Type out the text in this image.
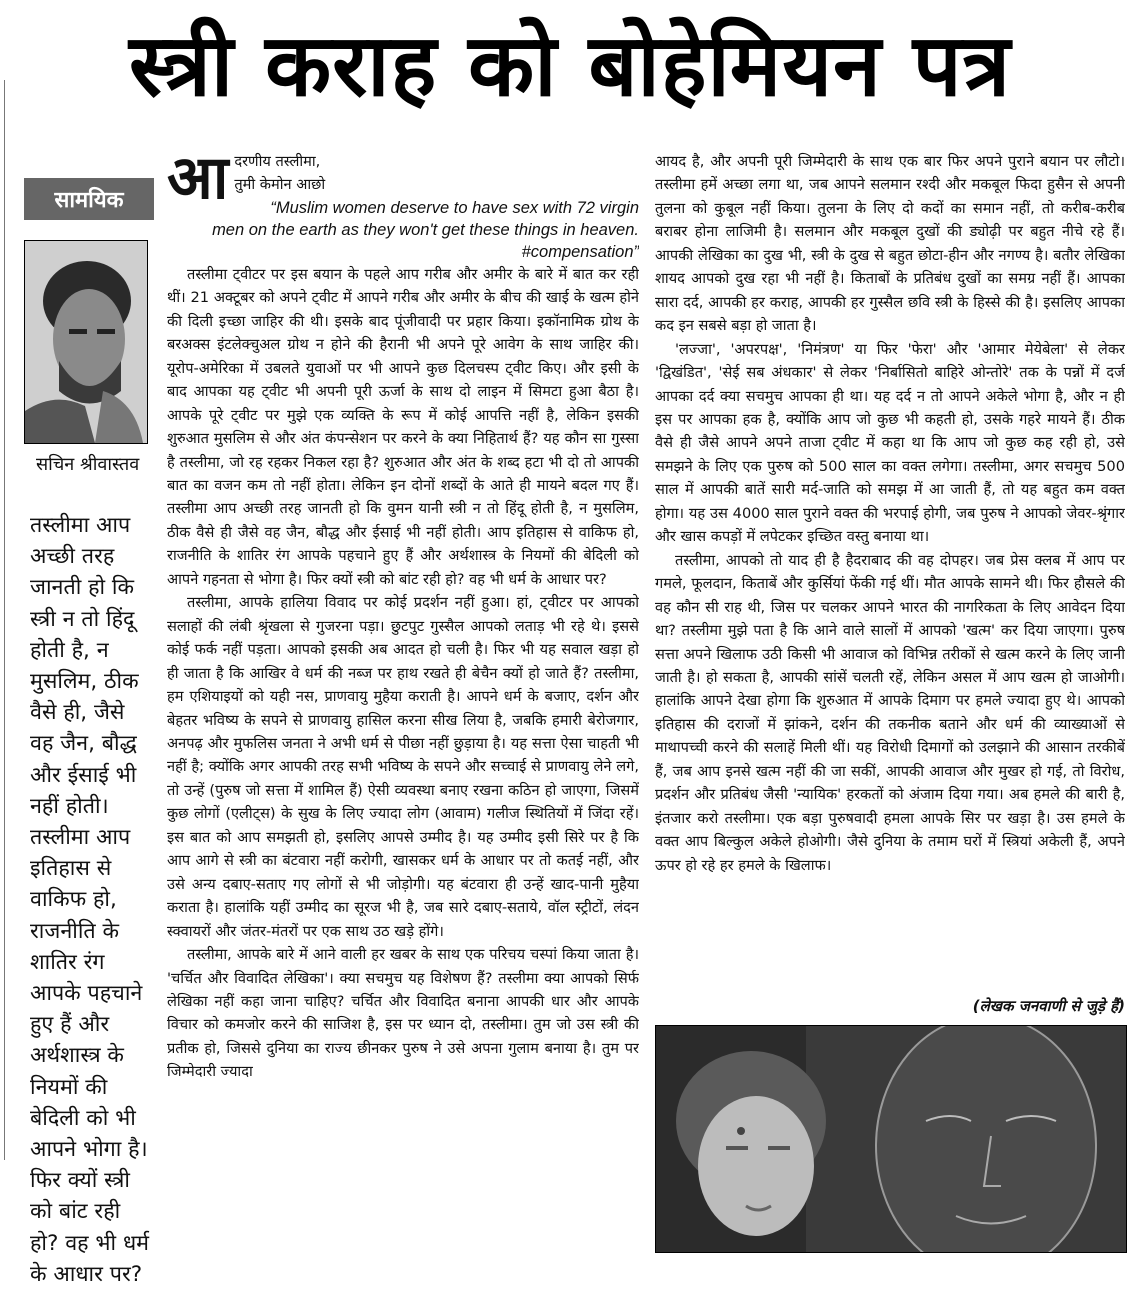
स्त्री कराह को बोहेमियन पत्र
सामयिक
सचिन श्रीवास्तव
तस्लीमा आप अच्छी तरह जानती हो कि स्त्री न तो हिंदू होती है, न मुसलिम, ठीक वैसे ही, जैसे वह जैन, बौद्ध और ईसाई भी नहीं होती। तस्लीमा आप इतिहास से वाकिफ हो, राजनीति के शातिर रंग आपके पहचाने हुए हैं और अर्थशास्त्र के नियमों की बेदिली को भी आपने भोगा है। फिर क्यों स्त्री को बांट रही हो? वह भी धर्म के आधार पर?
आ दरणीय तस्लीमा,

तुमी केमोन आछो

“Muslim women deserve to have sex with 72 virgin men on the earth as they won't get these things in heaven. #compensation”

तस्लीमा ट्वीटर पर इस बयान के पहले आप गरीब और अमीर के बारे में बात कर रही थीं। 21 अक्टूबर को अपने ट्वीट में आपने गरीब और अमीर के बीच की खाई के खत्म होने की दिली इच्छा जाहिर की थी। इसके बाद पूंजीवादी पर प्रहार किया। इकॉनामिक ग्रोथ के बरअक्स इंटलेक्चुअल ग्रोथ न होने की हैरानी भी अपने पूरे आवेग के साथ जाहिर की। यूरोप-अमेरिका में उबलते युवाओं पर भी आपने कुछ दिलचस्प ट्वीट किए। और इसी के बाद आपका यह ट्वीट भी अपनी पूरी ऊर्जा के साथ दो लाइन में सिमटा हुआ बैठा है। आपके पूरे ट्वीट पर मुझे एक व्यक्ति के रूप में कोई आपत्ति नहीं है, लेकिन इसकी शुरुआत मुसलिम से और अंत कंपन्सेशन पर करने के क्या निहितार्थ हैं? यह कौन सा गुस्सा है तस्लीमा, जो रह रहकर निकल रहा है? शुरुआत और अंत के शब्द हटा भी दो तो आपकी बात का वजन कम तो नहीं होता। लेकिन इन दोनों शब्दों के आते ही मायने बदल गए हैं। तस्लीमा आप अच्छी तरह जानती हो कि वुमन यानी स्त्री न तो हिंदू होती है, न मुसलिम, ठीक वैसे ही जैसे वह जैन, बौद्ध और ईसाई भी नहीं होती। आप इतिहास से वाकिफ हो, राजनीति के शातिर रंग आपके पहचाने हुए हैं और अर्थशास्त्र के नियमों की बेदिली को आपने गहनता से भोगा है। फिर क्यों स्त्री को बांट रही हो? वह भी धर्म के आधार पर?

तस्लीमा, आपके हालिया विवाद पर कोई प्रदर्शन नहीं हुआ। हां, ट्वीटर पर आपको सलाहों की लंबी श्रृंखला से गुजरना पड़ा। छुटपुट गुस्सैल आपको लताड़ भी रहे थे। इससे कोई फर्क नहीं पड़ता। आपको इसकी अब आदत हो चली है। फिर भी यह सवाल खड़ा हो ही जाता है कि आखिर वे धर्म की नब्ज पर हाथ रखते ही बेचैन क्यों हो जाते हैं? तस्लीमा, हम एशियाइयों को यही नस, प्राणवायु मुहैया कराती है। आपने धर्म के बजाए, दर्शन और बेहतर भविष्य के सपने से प्राणवायु हासिल करना सीख लिया है, जबकि हमारी बेरोजगार, अनपढ़ और मुफलिस जनता ने अभी धर्म से पीछा नहीं छुड़ाया है। यह सत्ता ऐसा चाहती भी नहीं है; क्योंकि अगर आपकी तरह सभी भविष्य के सपने और सच्चाई से प्राणवायु लेने लगे, तो उन्हें (पुरुष जो सत्ता में शामिल हैं) ऐसी व्यवस्था बनाए रखना कठिन हो जाएगा, जिसमें कुछ लोगों (एलीट्स) के सुख के लिए ज्यादा लोग (आवाम) गलीज स्थितियों में जिंदा रहें। इस बात को आप समझती हो, इसलिए आपसे उम्मीद है। यह उम्मीद इसी सिरे पर है कि आप आगे से स्त्री का बंटवारा नहीं करोगी, खासकर धर्म के आधार पर तो कतई नहीं, और उसे अन्य दबाए-सताए गए लोगों से भी जोड़ोगी। यह बंटवारा ही उन्हें खाद-पानी मुहैया कराता है। हालांकि यहीं उम्मीद का सूरज भी है, जब सारे दबाए-सताये, वॉल स्ट्रीटों, लंदन स्क्वायरों और जंतर-मंतरों पर एक साथ उठ खड़े होंगे।

तस्लीमा, आपके बारे में आने वाली हर खबर के साथ एक परिचय चस्पां किया जाता है। 'चर्चित और विवादित लेखिका'। क्या सचमुच यह विशेषण हैं? तस्लीमा क्या आपको सिर्फ लेखिका नहीं कहा जाना चाहिए? चर्चित और विवादित बनाना आपकी धार और आपके विचार को कमजोर करने की साजिश है, इस पर ध्यान दो, तस्लीमा। तुम जो उस स्त्री की प्रतीक हो, जिससे दुनिया का राज्य छीनकर पुरुष ने उसे अपना गुलाम बनाया है। तुम पर जिम्मेदारी ज्यादा

आयद है, और अपनी पूरी जिम्मेदारी के साथ एक बार फिर अपने पुराने बयान पर लौटो। तस्लीमा हमें अच्छा लगा था, जब आपने सलमान रश्दी और मकबूल फिदा हुसैन से अपनी तुलना को कुबूल नहीं किया। तुलना के लिए दो कदों का समान नहीं, तो करीब-करीब बराबर होना लाजिमी है। सलमान और मकबूल दुखों की ड्योढ़ी पर बहुत नीचे रहे हैं। आपकी लेखिका का दुख भी, स्त्री के दुख से बहुत छोटा-हीन और नगण्य है। बतौर लेखिका शायद आपको दुख रहा भी नहीं है। किताबों के प्रतिबंध दुखों का समग्र नहीं हैं। आपका सारा दर्द, आपकी हर कराह, आपकी हर गुस्सैल छवि स्त्री के हिस्से की है। इसलिए आपका कद इन सबसे बड़ा हो जाता है।

'लज्जा', 'अपरपक्ष', 'निमंत्रण' या फिर 'फेरा' और 'आमार मेयेबेला' से लेकर 'द्विखंडित', 'सेई सब अंधकार' से लेकर 'निर्बासितो बाहिरे ओन्तोरे' तक के पन्नों में दर्ज आपका दर्द क्या सचमुच आपका ही था। यह दर्द न तो आपने अकेले भोगा है, और न ही इस पर आपका हक है, क्योंकि आप जो कुछ भी कहती हो, उसके गहरे मायने हैं। ठीक वैसे ही जैसे आपने अपने ताजा ट्वीट में कहा था कि आप जो कुछ कह रही हो, उसे समझने के लिए एक पुरुष को 500 साल का वक्त लगेगा। तस्लीमा, अगर सचमुच 500 साल में आपकी बातें सारी मर्द-जाति को समझ में आ जाती हैं, तो यह बहुत कम वक्त होगा। यह उस 4000 साल पुराने वक्त की भरपाई होगी, जब पुरुष ने आपको जेवर-श्रृंगार और खास कपड़ों में लपेटकर इच्छित वस्तु बनाया था।

तस्लीमा, आपको तो याद ही है हैदराबाद की वह दोपहर। जब प्रेस क्लब में आप पर गमले, फूलदान, किताबें और कुर्सियां फेंकी गई थीं। मौत आपके सामने थी। फिर हौसले की वह कौन सी राह थी, जिस पर चलकर आपने भारत की नागरिकता के लिए आवेदन दिया था? तस्लीमा मुझे पता है कि आने वाले सालों में आपको 'खत्म' कर दिया जाएगा। पुरुष सत्ता अपने खिलाफ उठी किसी भी आवाज को विभिन्न तरीकों से खत्म करने के लिए जानी जाती है। हो सकता है, आपकी सांसें चलती रहें, लेकिन असल में आप खत्म हो जाओगी। हालांकि आपने देखा होगा कि शुरुआत में आपके दिमाग पर हमले ज्यादा हुए थे। आपको इतिहास की दराजों में झांकने, दर्शन की तकनीक बताने और धर्म की व्याख्याओं से माथापच्ची करने की सलाहें मिली थीं। यह विरोधी दिमागों को उलझाने की आसान तरकीबें हैं, जब आप इनसे खत्म नहीं की जा सकीं, आपकी आवाज और मुखर हो गई, तो विरोध, प्रदर्शन और प्रतिबंध जैसी 'न्यायिक' हरकतों को अंजाम दिया गया। अब हमले की बारी है, इंतजार करो तस्लीमा। एक बड़ा पुरुषवादी हमला आपके सिर पर खड़ा है। उस हमले के वक्त आप बिल्कुल अकेले होओगी। जैसे दुनिया के तमाम घरों में स्त्रियां अकेली हैं, अपने ऊपर हो रहे हर हमले के खिलाफ।

(लेखक जनवाणी से जुड़े हैं)
